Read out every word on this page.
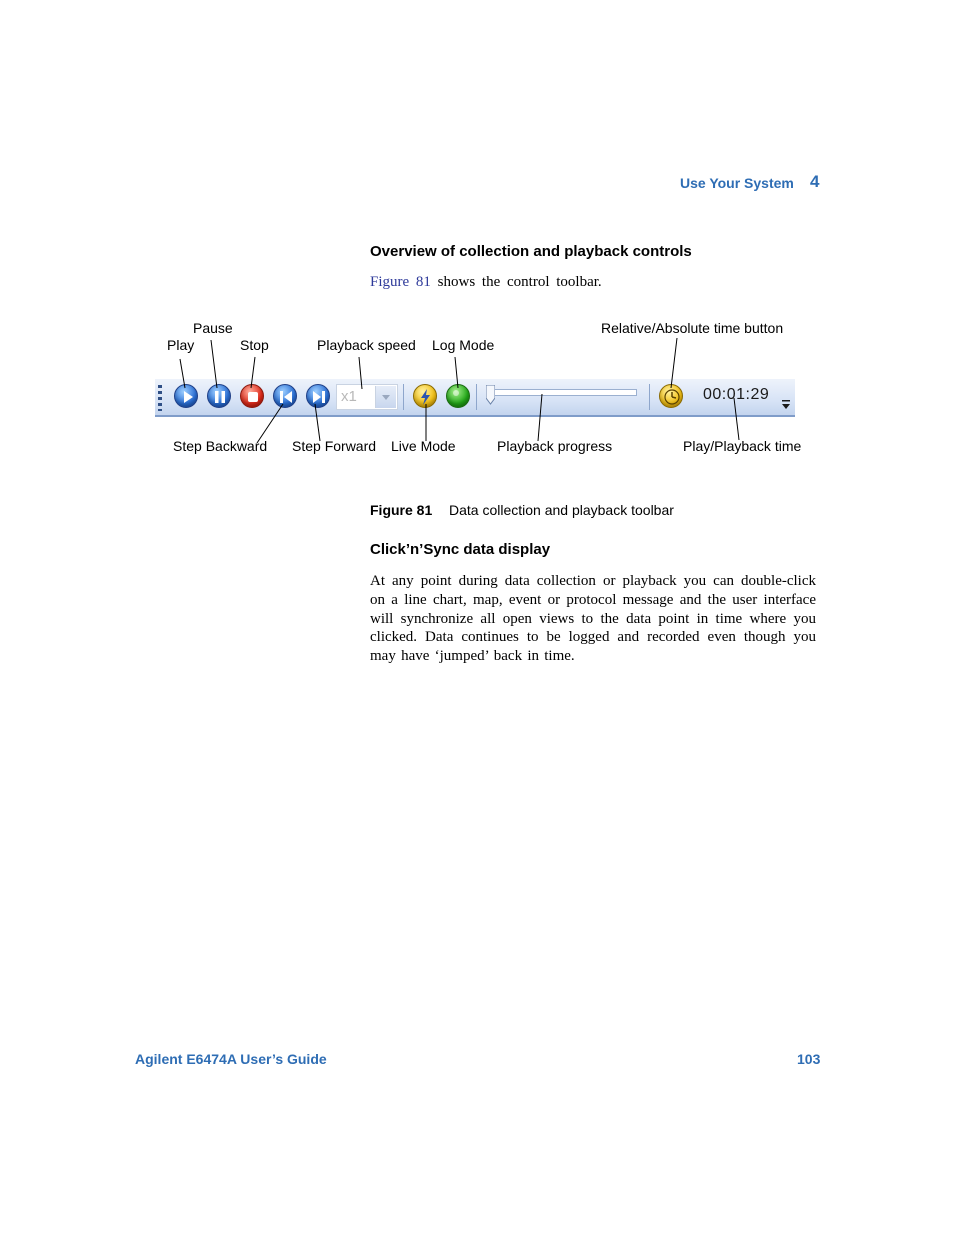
Use Your System 4
Overview of collection and playback controls
Figure 81 shows the control toolbar.
Pause
Play	Stop	Playback speed Log Mode
Relative/Absolute time button
x1	00:01:29
Step Backward Step Forward Live Mode	Playback progress	Play/Playback time
Figure 81 Data collection and playback toolbar
Click’n’Sync data display
At any point during data collection or playback you can double-click on a line chart, map, event or protocol message and the user interface will synchronize all open views to the data point in time where you clicked. Data continues to be logged and recorded even though you may have ‘jumped’ back in time.
Agilent E6474A User’s Guide	103
